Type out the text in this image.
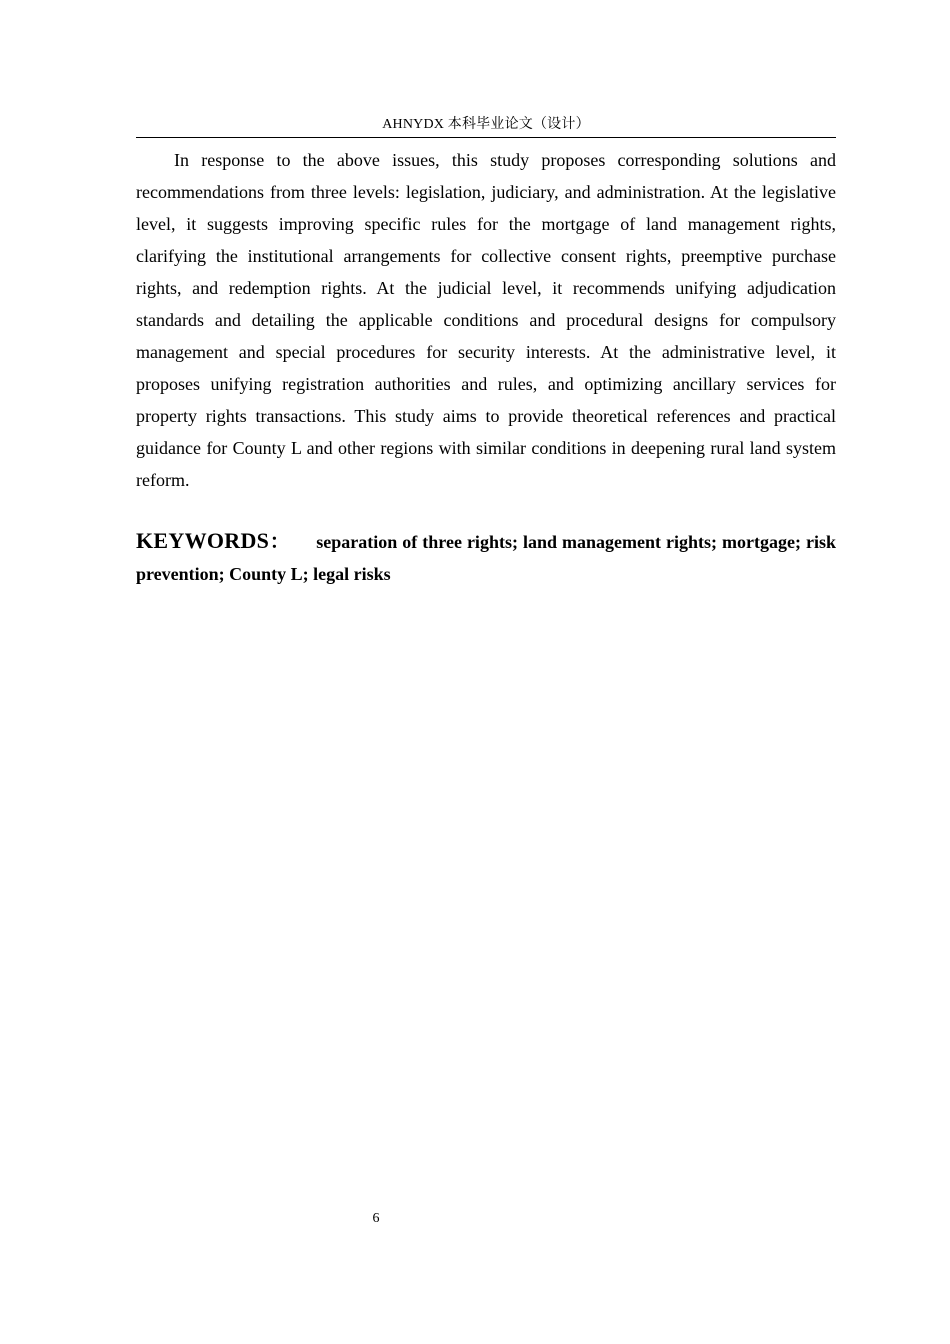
AHNYDX 本科毕业论文（设计）

In response to the above issues, this study proposes corresponding solutions and recommendations from three levels: legislation, judiciary, and administration. At the legislative level, it suggests improving specific rules for the mortgage of land management rights, clarifying the institutional arrangements for collective consent rights, preemptive purchase rights, and redemption rights. At the judicial level, it recommends unifying adjudication standards and detailing the applicable conditions and procedural designs for compulsory management and special procedures for security interests. At the administrative level, it proposes unifying registration authorities and rules, and optimizing ancillary services for property rights transactions. This study aims to provide theoretical references and practical guidance for County L and other regions with similar conditions in deepening rural land system reform.

KEYWORDS： separation of three rights; land management rights; mortgage; risk prevention; County L; legal risks

6
